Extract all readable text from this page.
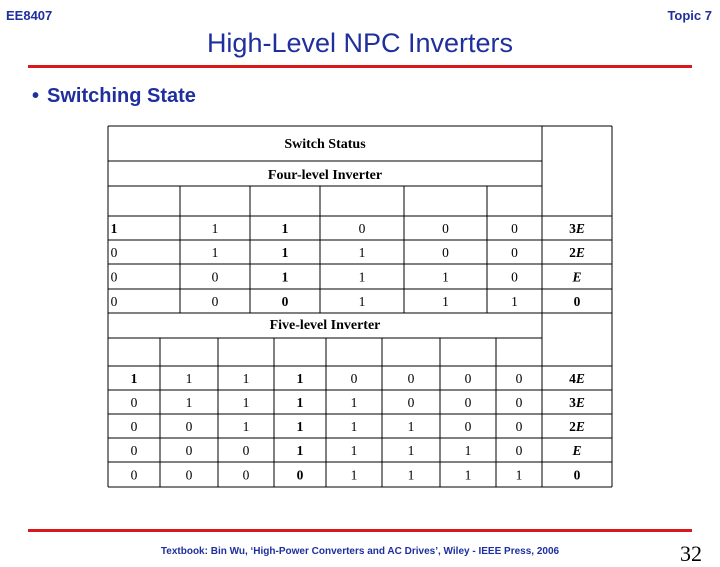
EE8407	Topic 7
High-Level NPC Inverters
• Switching State
Switch Status
Four-level Inverter
Five-level Inverter
1	1	1	0	0	0	3E
0	1	1	1	0	0	2E
0	0	1	1	1	0	E
0	0	0	1	1	1	0
1	1	1	1	0	0	0	0	4E
0	1	1	1	1	0	0	0	3E
0	0	1	1	1	1	0	0	2E
0	0	0	1	1	1	1	0	E
0	0	0	0	1	1	1	1	0
Textbook: Bin Wu, ‘High-Power Converters and AC Drives’, Wiley - IEEE Press, 2006	32
